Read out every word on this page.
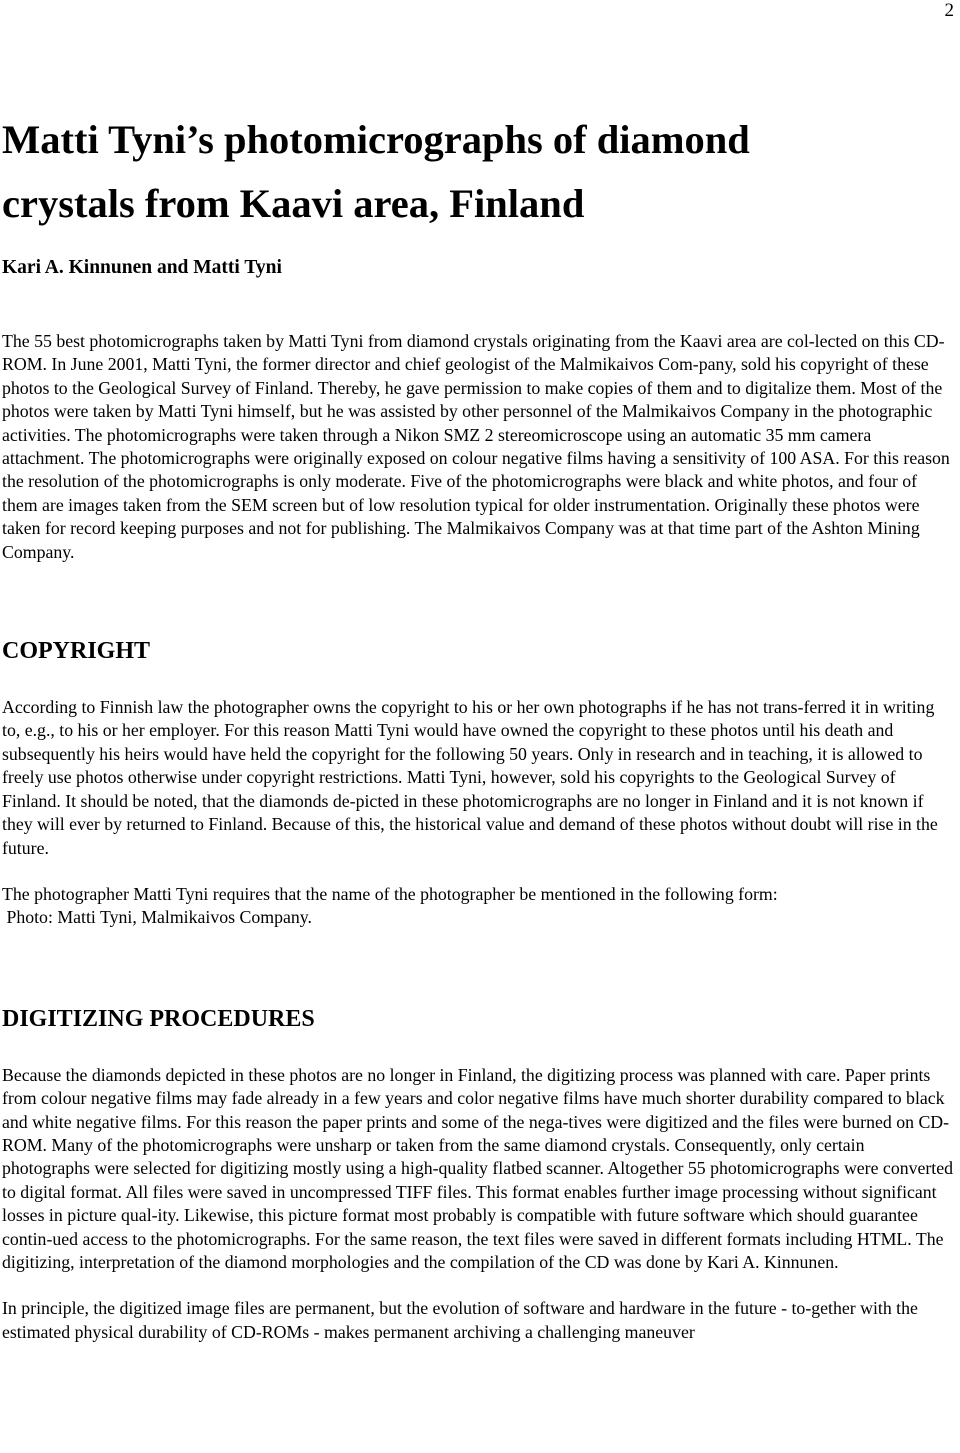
2
Matti Tyni’s photomicrographs of diamond
crystals from Kaavi area, Finland
Kari A. Kinnunen and Matti Tyni

The 55 best photomicrographs taken by Matti Tyni from diamond crystals originating from the Kaavi area are col-lected on this CD-ROM. In June 2001, Matti Tyni, the former director and chief geologist of the Malmikaivos Com-pany, sold his copyright of these photos to the Geological Survey of Finland. Thereby, he gave permission to make copies of them and to digitalize them. Most of the photos were taken by Matti Tyni himself, but he was assisted by other personnel of the Malmikaivos Company in the photographic activities. The photomicrographs were taken through a Nikon SMZ 2 stereomicroscope using an automatic 35 mm camera attachment. The photomicrographs were originally exposed on colour negative films having a sensitivity of 100 ASA. For this reason the resolution of the photomicrographs is only moderate. Five of the photomicrographs were black and white photos, and four of them are images taken from the SEM screen but of low resolution typical for older instrumentation. Originally these photos were taken for record keeping purposes and not for publishing. The Malmikaivos Company was at that time part of the Ashton Mining Company.

COPYRIGHT

According to Finnish law the photographer owns the copyright to his or her own photographs if he has not trans-ferred it in writing to, e.g., to his or her employer. For this reason Matti Tyni would have owned the copyright to these photos until his death and subsequently his heirs would have held the copyright for the following 50 years. Only in research and in teaching, it is allowed to freely use photos otherwise under copyright restrictions. Matti Tyni, however, sold his copyrights to the Geological Survey of Finland. It should be noted, that the diamonds de-picted in these photomicrographs are no longer in Finland and it is not known if they will ever by returned to Finland. Because of this, the historical value and demand of these photos without doubt will rise in the future.

The photographer Matti Tyni requires that the name of the photographer be mentioned in the following form:
Photo: Matti Tyni, Malmikaivos Company.

DIGITIZING PROCEDURES

Because the diamonds depicted in these photos are no longer in Finland, the digitizing process was planned with care. Paper prints from colour negative films may fade already in a few years and color negative films have much shorter durability compared to black and white negative films. For this reason the paper prints and some of the nega-tives were digitized and the files were burned on CD-ROM. Many of the photomicrographs were unsharp or taken from the same diamond crystals. Consequently, only certain photographs were selected for digitizing mostly using a high-quality flatbed scanner. Altogether 55 photomicrographs were converted to digital format. All files were saved in uncompressed TIFF files. This format enables further image processing without significant losses in picture qual-ity. Likewise, this picture format most probably is compatible with future software which should guarantee contin-ued access to the photomicrographs. For the same reason, the text files were saved in different formats including HTML. The digitizing, interpretation of the diamond morphologies and the compilation of the CD was done by Kari A. Kinnunen.

In principle, the digitized image files are permanent, but the evolution of software and hardware in the future - to-gether with the estimated physical durability of CD-ROMs - makes permanent archiving a challenging maneuver
